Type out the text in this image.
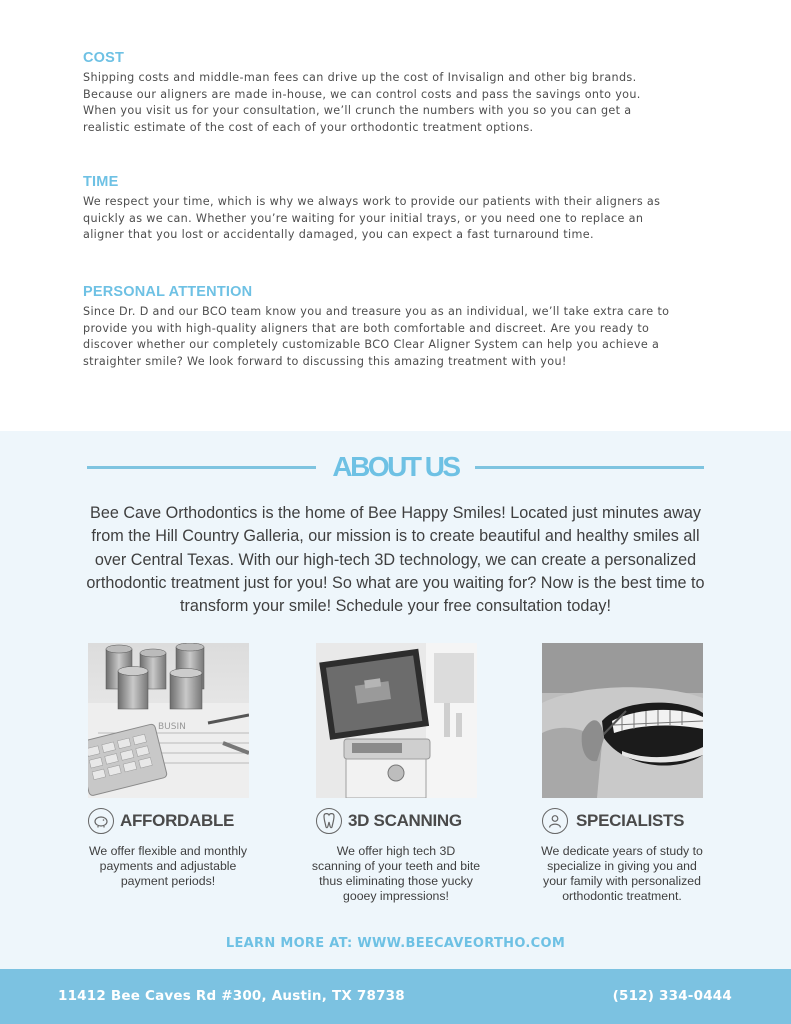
COST
Shipping costs and middle-man fees can drive up the cost of Invisalign and other big brands. Because our aligners are made in-house, we can control costs and pass the savings onto you. When you visit us for your consultation, we’ll crunch the numbers with you so you can get a realistic estimate of the cost of each of your orthodontic treatment options.
TIME
We respect your time, which is why we always work to provide our patients with their aligners as quickly as we can. Whether you’re waiting for your initial trays, or you need one to replace an aligner that you lost or accidentally damaged, you can expect a fast turnaround time.
PERSONAL ATTENTION
Since Dr. D and our BCO team know you and treasure you as an individual, we’ll take extra care to provide you with high-quality aligners that are both comfortable and discreet. Are you ready to discover whether our completely customizable BCO Clear Aligner System can help you achieve a straighter smile? We look forward to discussing this amazing treatment with you!
ABOUT US
Bee Cave Orthodontics is the home of Bee Happy Smiles! Located just minutes away from the Hill Country Galleria, our mission is to create beautiful and healthy smiles all over Central Texas. With our high-tech 3D technology, we can create a personalized orthodontic treatment just for you! So what are you waiting for? Now is the best time to transform your smile! Schedule your free consultation today!
BUSIN
AFFORDABLE
We offer flexible and monthly payments and adjustable payment periods!
3D SCANNING
We offer high tech 3D scanning of your teeth and bite thus eliminating those yucky gooey impressions!
SPECIALISTS
We dedicate years of study to specialize in giving you and your family with personalized orthodontic treatment.
LEARN MORE AT: WWW.BEECAVEORTHO.COM
11412 Bee Caves Rd #300, Austin, TX 78738	(512) 334-0444
